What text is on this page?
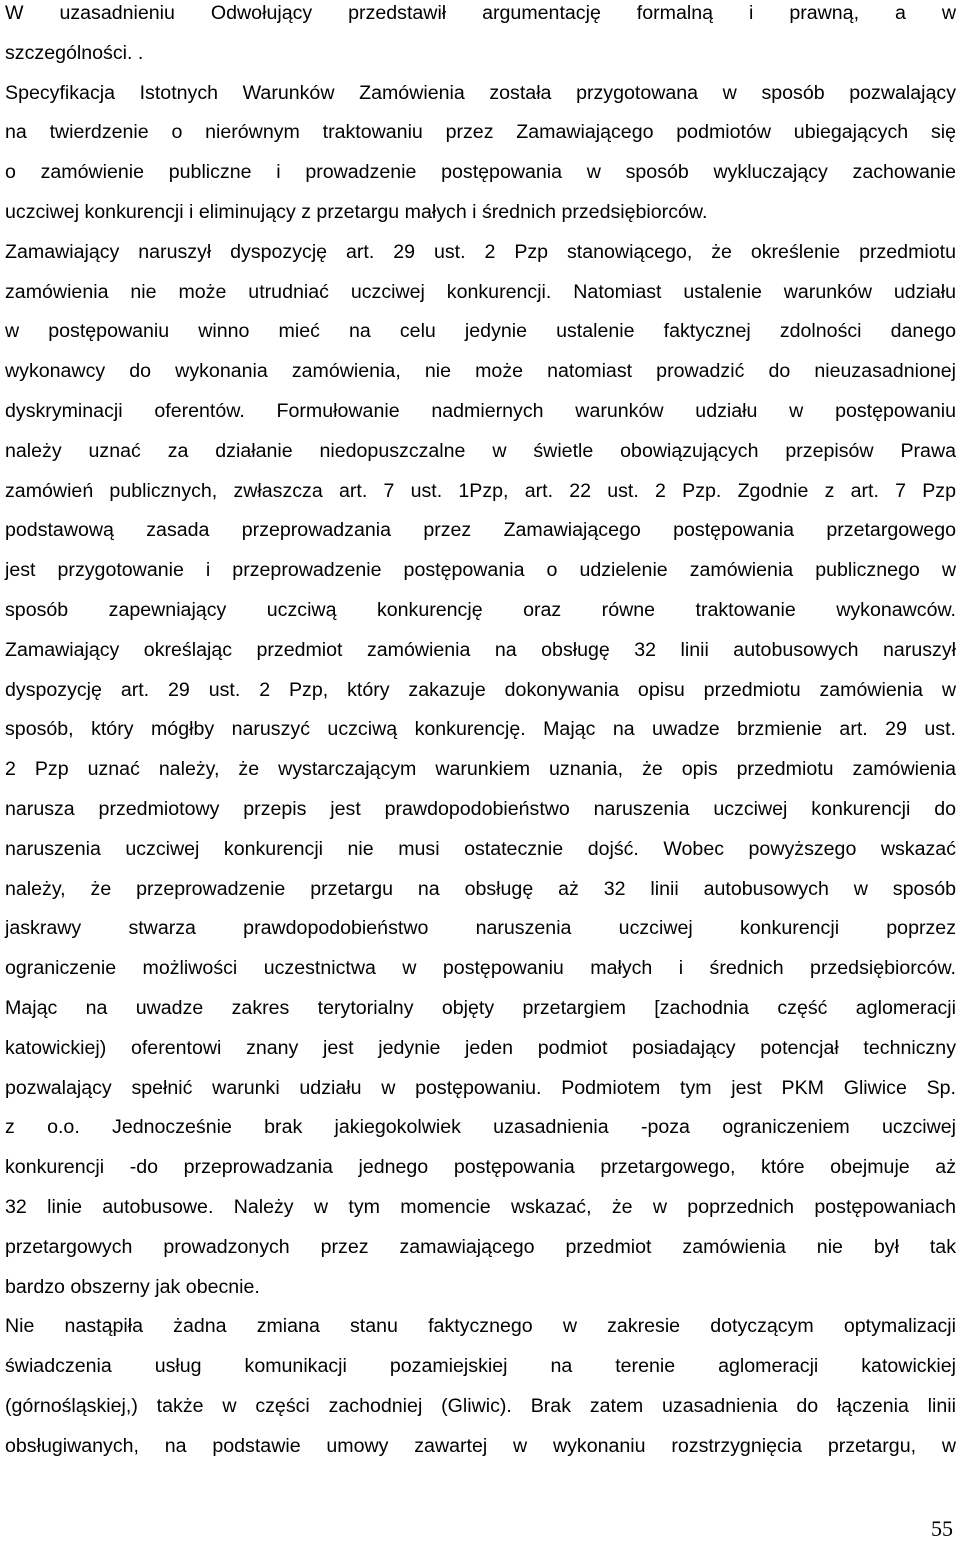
W uzasadnieniu Odwołujący przedstawił argumentację formalną i prawną, a w
szczególności. .
Specyfikacja Istotnych Warunków Zamówienia została przygotowana w sposób pozwalający
na twierdzenie o nierównym traktowaniu przez Zamawiającego podmiotów ubiegających się
o zamówienie publiczne i prowadzenie postępowania w sposób wykluczający zachowanie
uczciwej konkurencji i eliminujący z przetargu małych i średnich przedsiębiorców.
Zamawiający naruszył dyspozycję art. 29 ust. 2 Pzp stanowiącego, że określenie przedmiotu
zamówienia nie może utrudniać uczciwej konkurencji. Natomiast ustalenie warunków udziału
w postępowaniu winno mieć na celu jedynie ustalenie faktycznej zdolności danego
wykonawcy do wykonania zamówienia, nie może natomiast prowadzić do nieuzasadnionej
dyskryminacji oferentów. Formułowanie nadmiernych warunków udziału w postępowaniu
należy uznać za działanie niedopuszczalne w świetle obowiązujących przepisów Prawa
zamówień publicznych, zwłaszcza art. 7 ust. 1Pzp, art. 22 ust. 2 Pzp. Zgodnie z art. 7 Pzp
podstawową zasada przeprowadzania przez Zamawiającego postępowania przetargowego
jest przygotowanie i przeprowadzenie postępowania o udzielenie zamówienia publicznego w
sposób zapewniający uczciwą konkurencję oraz równe traktowanie wykonawców.
Zamawiający określając przedmiot zamówienia na obsługę 32 linii autobusowych naruszył
dyspozycję art. 29 ust. 2 Pzp, który zakazuje dokonywania opisu przedmiotu zamówienia w
sposób, który mógłby naruszyć uczciwą konkurencję. Mając na uwadze brzmienie art. 29 ust.
2 Pzp uznać należy, że wystarczającym warunkiem uznania, że opis przedmiotu zamówienia
narusza przedmiotowy przepis jest prawdopodobieństwo naruszenia uczciwej konkurencji do
naruszenia uczciwej konkurencji nie musi ostatecznie dojść. Wobec powyższego wskazać
należy, że przeprowadzenie przetargu na obsługę aż 32 linii autobusowych w sposób
jaskrawy stwarza prawdopodobieństwo naruszenia uczciwej konkurencji poprzez
ograniczenie możliwości uczestnictwa w postępowaniu małych i średnich przedsiębiorców.
Mając na uwadze zakres terytorialny objęty przetargiem [zachodnia część aglomeracji
katowickiej) oferentowi znany jest jedynie jeden podmiot posiadający potencjał techniczny
pozwalający spełnić warunki udziału w postępowaniu. Podmiotem tym jest PKM Gliwice Sp.
z o.o. Jednocześnie brak jakiegokolwiek uzasadnienia -poza ograniczeniem uczciwej
konkurencji -do przeprowadzania jednego postępowania przetargowego, które obejmuje aż
32 linie autobusowe. Należy w tym momencie wskazać, że w poprzednich postępowaniach
przetargowych prowadzonych przez zamawiającego przedmiot zamówienia nie był tak
bardzo obszerny jak obecnie.
Nie nastąpiła żadna zmiana stanu faktycznego w zakresie dotyczącym optymalizacji
świadczenia usług komunikacji pozamiejskiej na terenie aglomeracji katowickiej
(górnośląskiej,) także w części zachodniej (Gliwic). Brak zatem uzasadnienia do łączenia linii
obsługiwanych, na podstawie umowy zawartej w wykonaniu rozstrzygnięcia przetargu, w
55
